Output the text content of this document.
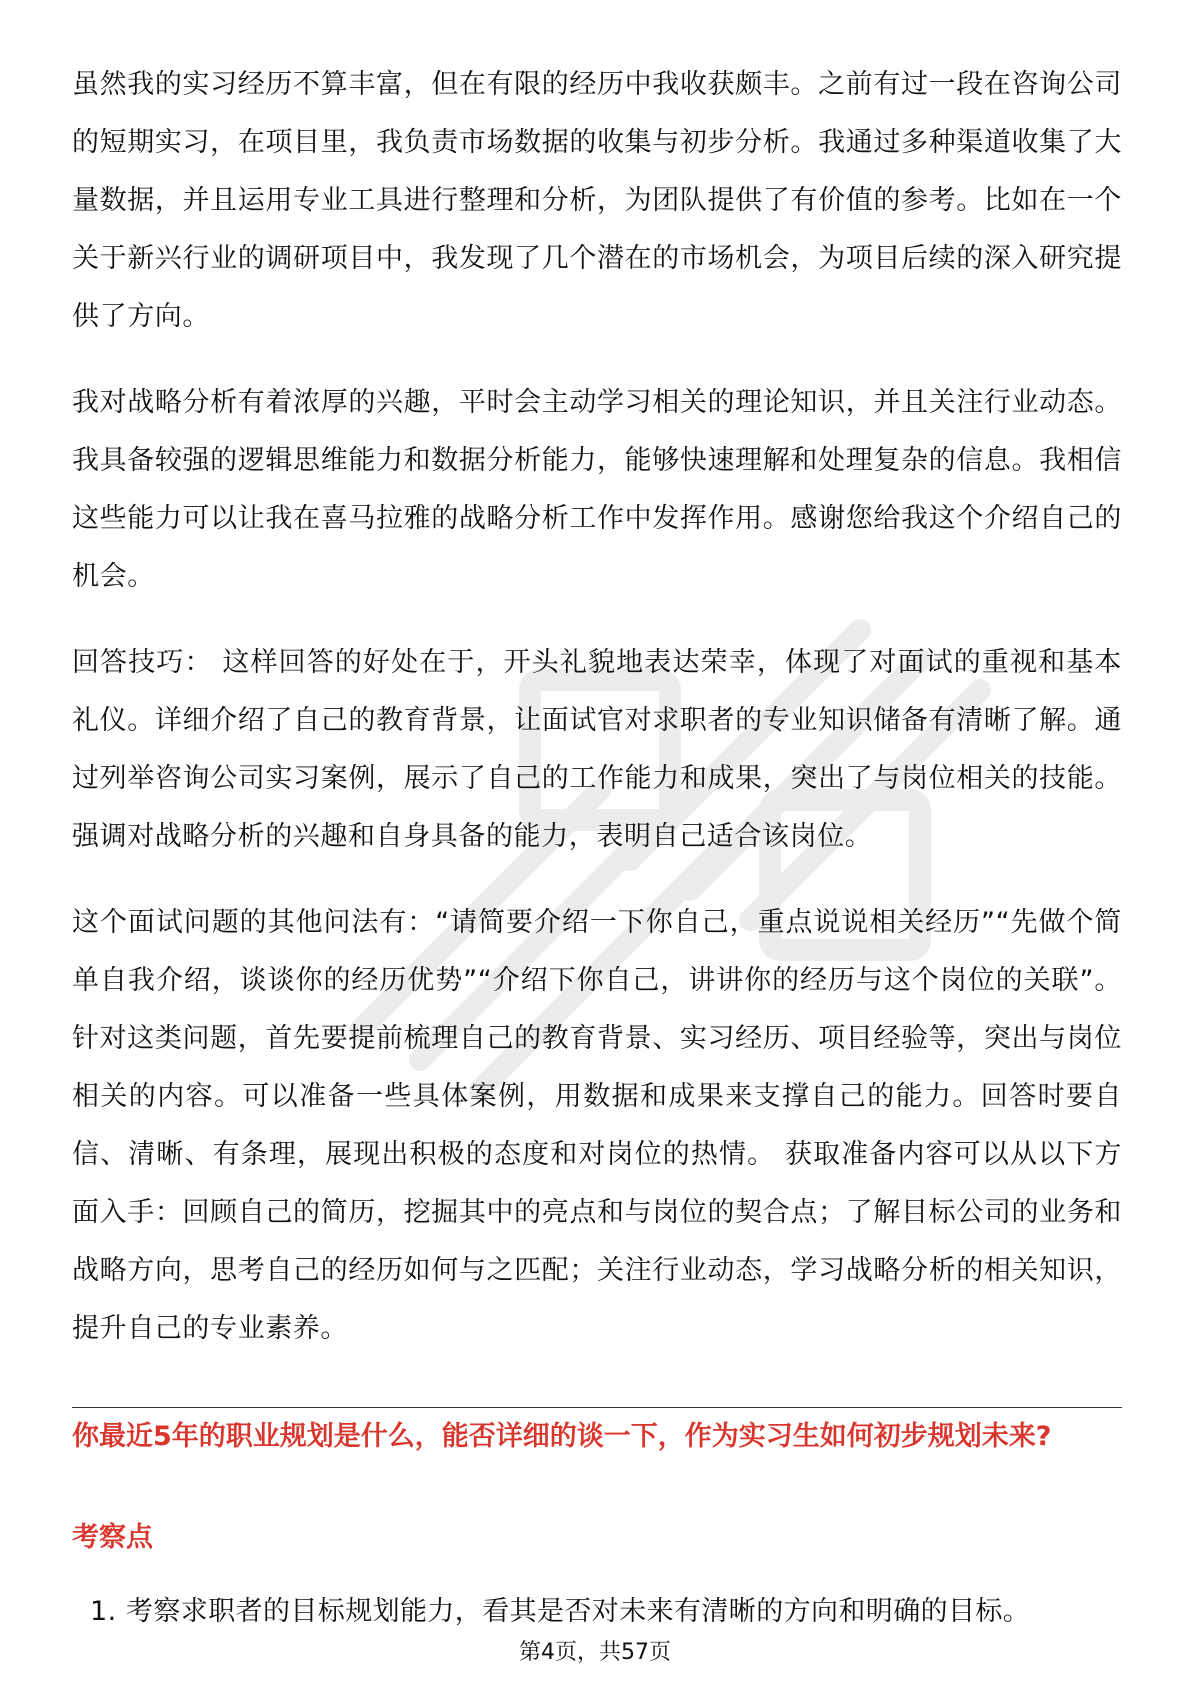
虽然我的实习经历不算丰富，但在有限的经历中我收获颇丰。之前有过一段在咨询公司的短期实习，在项目里，我负责市场数据的收集与初步分析。我通过多种渠道收集了大量数据，并且运用专业工具进行整理和分析，为团队提供了有价值的参考。比如在一个关于新兴行业的调研项目中，我发现了几个潜在的市场机会，为项目后续的深入研究提供了方向。

我对战略分析有着浓厚的兴趣，平时会主动学习相关的理论知识，并且关注行业动态。我具备较强的逻辑思维能力和数据分析能力，能够快速理解和处理复杂的信息。我相信这些能力可以让我在喜马拉雅的战略分析工作中发挥作用。感谢您给我这个介绍自己的机会。

回答技巧： 这样回答的好处在于，开头礼貌地表达荣幸，体现了对面试的重视和基本礼仪。详细介绍了自己的教育背景，让面试官对求职者的专业知识储备有清晰了解。通过列举咨询公司实习案例，展示了自己的工作能力和成果，突出了与岗位相关的技能。强调对战略分析的兴趣和自身具备的能力，表明自己适合该岗位。

这个面试问题的其他问法有：“请简要介绍一下你自己，重点说说相关经历”“先做个简单自我介绍，谈谈你的经历优势”“介绍下你自己，讲讲你的经历与这个岗位的关联”。 针对这类问题，首先要提前梳理自己的教育背景、实习经历、项目经验等，突出与岗位相关的内容。可以准备一些具体案例，用数据和成果来支撑自己的能力。回答时要自信、清晰、有条理，展现出积极的态度和对岗位的热情。 获取准备内容可以从以下方面入手：回顾自己的简历，挖掘其中的亮点和与岗位的契合点；了解目标公司的业务和战略方向，思考自己的经历如何与之匹配；关注行业动态，学习战略分析的相关知识，提升自己的专业素养。

你最近5年的职业规划是什么，能否详细的谈一下，作为实习生如何初步规划未来?
考察点
1. 考察求职者的目标规划能力，看其是否对未来有清晰的方向和明确的目标。
第4页，共57页
